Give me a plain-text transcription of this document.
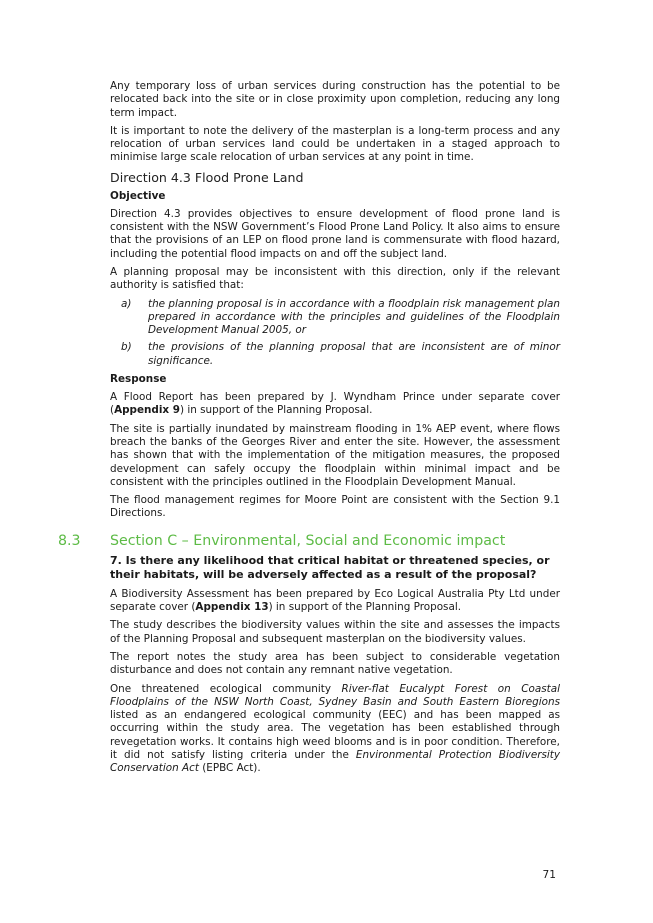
Any temporary loss of urban services during construction has the potential to be relocated back into the site or in close proximity upon completion, reducing any long term impact.

It is important to note the delivery of the masterplan is a long-term process and any relocation of urban services land could be undertaken in a staged approach to minimise large scale relocation of urban services at any point in time.

Direction 4.3 Flood Prone Land
Objective

Direction 4.3 provides objectives to ensure development of flood prone land is consistent with the NSW Government’s Flood Prone Land Policy. It also aims to ensure that the provisions of an LEP on flood prone land is commensurate with flood hazard, including the potential flood impacts on and off the subject land.

A planning proposal may be inconsistent with this direction, only if the relevant authority is satisfied that:

a)	the planning proposal is in accordance with a floodplain risk management plan prepared in accordance with the principles and guidelines of the Floodplain Development Manual 2005, or
b)	the provisions of the planning proposal that are inconsistent are of minor significance.
Response

A Flood Report has been prepared by J. Wyndham Prince under separate cover (Appendix 9) in support of the Planning Proposal.

The site is partially inundated by mainstream flooding in 1% AEP event, where flows breach the banks of the Georges River and enter the site. However, the assessment has shown that with the implementation of the mitigation measures, the proposed development can safely occupy the floodplain within minimal impact and be consistent with the principles outlined in the Floodplain Development Manual.

The flood management regimes for Moore Point are consistent with the Section 9.1 Directions.

8.3	Section C – Environmental, Social and Economic impact

7. Is there any likelihood that critical habitat or threatened species, or their habitats, will be adversely affected as a result of the proposal?

A Biodiversity Assessment has been prepared by Eco Logical Australia Pty Ltd under separate cover (Appendix 13) in support of the Planning Proposal.

The study describes the biodiversity values within the site and assesses the impacts of the Planning Proposal and subsequent masterplan on the biodiversity values.

The report notes the study area has been subject to considerable vegetation disturbance and does not contain any remnant native vegetation.

One threatened ecological community River-flat Eucalypt Forest on Coastal Floodplains of the NSW North Coast, Sydney Basin and South Eastern Bioregions listed as an endangered ecological community (EEC) and has been mapped as occurring within the study area. The vegetation has been established through revegetation works. It contains high weed blooms and is in poor condition. Therefore, it did not satisfy listing criteria under the Environmental Protection Biodiversity Conservation Act (EPBC Act).

71
